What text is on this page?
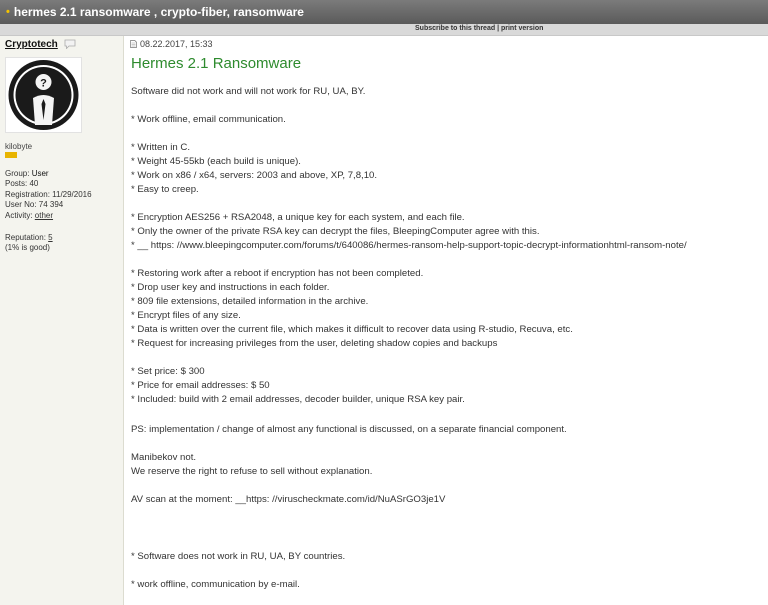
• hermes 2.1 ransomware , crypto-fiber, ransomware
Subscribe to this thread | print version
Cryptotech
?
kilobyte
Group: User
Posts: 40
Registration: 11/29/2016
User No: 74 394
Activity: other
Reputation: 5
(1% is good)
08.22.2017, 15:33
Hermes 2.1 Ransomware
Software did not work and will not work for RU, UA, BY.
* Work offline, email communication.
* Written in C.
* Weight 45-55kb (each build is unique).
* Work on x86 / x64, servers: 2003 and above, XP, 7,8,10.
* Easy to creep.
* Encryption AES256 + RSA2048, a unique key for each system, and each file.
* Only the owner of the private RSA key can decrypt the files, BleepingComputer agree with this.
* __ https: //www.bleepingcomputer.com/forums/t/640086/hermes-ransom-help-support-topic-decrypt-informationhtml-ransom-note/
* Restoring work after a reboot if encryption has not been completed.
* Drop user key and instructions in each folder.
* 809 file extensions, detailed information in the archive.
* Encrypt files of any size.
* Data is written over the current file, which makes it difficult to recover data using R-studio, Recuva, etc.
* Request for increasing privileges from the user, deleting shadow copies and backups
* Set price: $ 300
* Price for email addresses: $ 50
* Included: build with 2 email addresses, decoder builder, unique RSA key pair.
PS: implementation / change of almost any functional is discussed, on a separate financial component.
Manibekov not.
We reserve the right to refuse to sell without explanation.
AV scan at the moment: __https: //viruscheckmate.com/id/NuASrGO3je1V
* Software does not work in RU, UA, BY countries.
* work offline, communication by e-mail.
